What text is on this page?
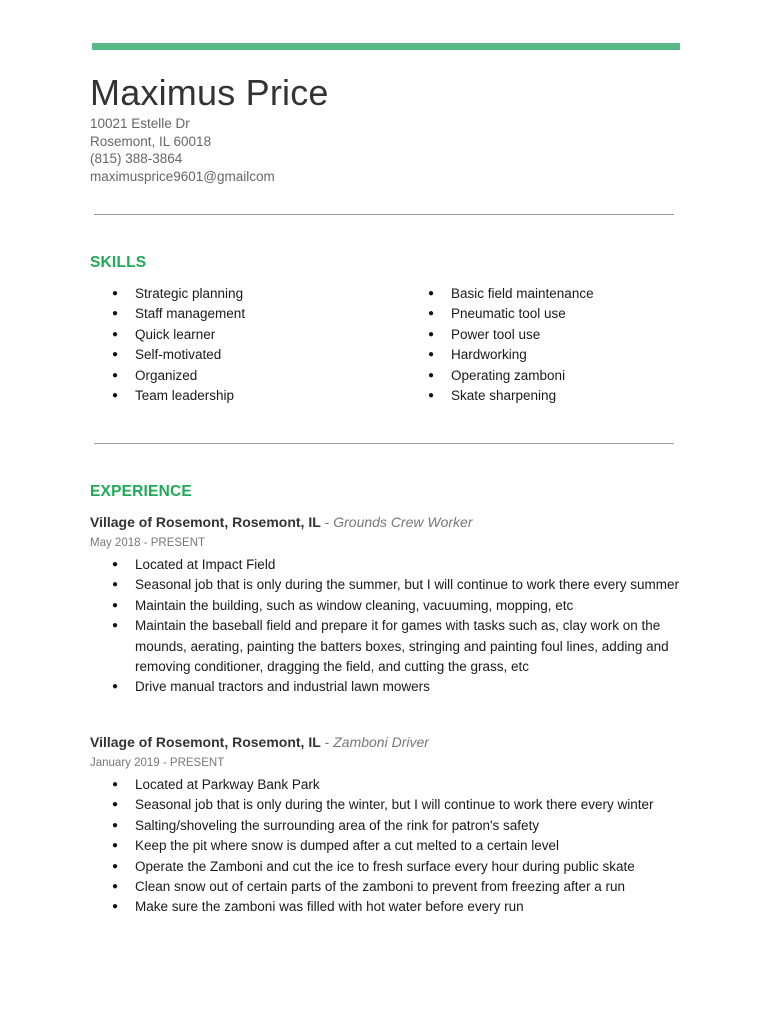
Maximus Price
10021 Estelle Dr
Rosemont, IL 60018
(815) 388-3864
maximusprice9601@gmailcom
SKILLS
● Strategic planning
● Staff management
● Quick learner
● Self-motivated
● Organized
● Team leadership
● Basic field maintenance
● Pneumatic tool use
● Power tool use
● Hardworking
● Operating zamboni
● Skate sharpening
EXPERIENCE
Village of Rosemont, Rosemont, IL - Grounds Crew Worker
May 2018 - PRESENT
● Located at Impact Field
● Seasonal job that is only during the summer, but I will continue to work there every summer
● Maintain the building, such as window cleaning, vacuuming, mopping, etc
● Maintain the baseball field and prepare it for games with tasks such as, clay work on the mounds, aerating, painting the batters boxes, stringing and painting foul lines, adding and removing conditioner, dragging the field, and cutting the grass, etc
● Drive manual tractors and industrial lawn mowers
Village of Rosemont, Rosemont, IL - Zamboni Driver
January 2019 - PRESENT
● Located at Parkway Bank Park
● Seasonal job that is only during the winter, but I will continue to work there every winter
● Salting/shoveling the surrounding area of the rink for patron's safety
● Keep the pit where snow is dumped after a cut melted to a certain level
● Operate the Zamboni and cut the ice to fresh surface every hour during public skate
● Clean snow out of certain parts of the zamboni to prevent from freezing after a run
● Make sure the zamboni was filled with hot water before every run
